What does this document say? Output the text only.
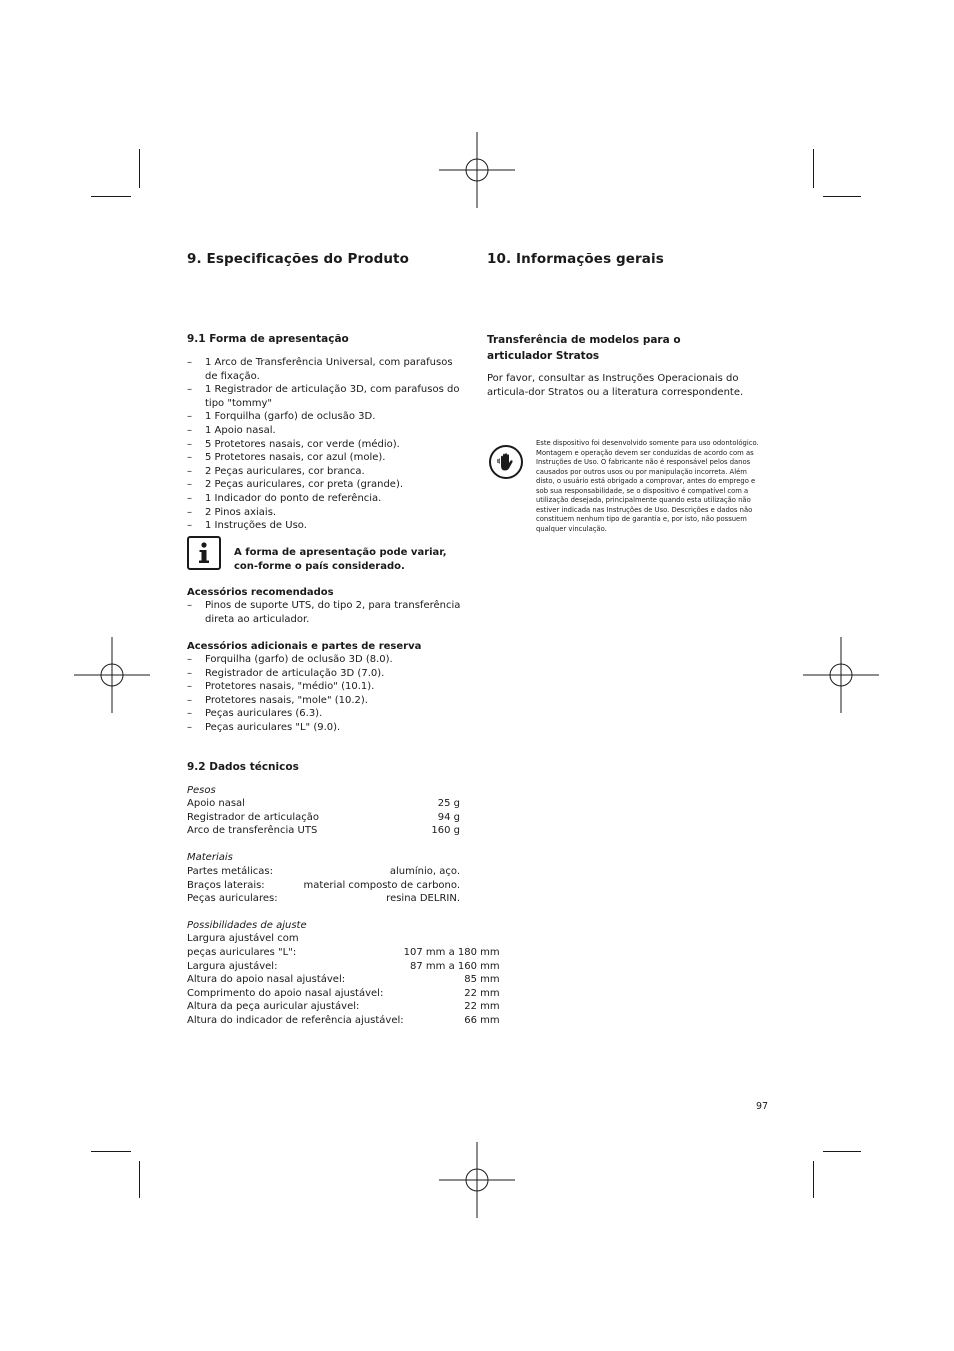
9. Especificações do Produto
9.1 Forma de apresentação
– 1 Arco de Transferência Universal, com parafusos de fixação.
– 1 Registrador de articulação 3D, com parafusos do tipo "tommy"
– 1 Forquilha (garfo) de oclusão 3D.
– 1 Apoio nasal.
– 5 Protetores nasais, cor verde (médio).
– 5 Protetores nasais, cor azul (mole).
– 2 Peças auriculares, cor branca.
– 2 Peças auriculares, cor preta (grande).
– 1 Indicador do ponto de referência.
– 2 Pinos axiais.
– 1 Instruções de Uso.
A forma de apresentação pode variar, con-forme o país considerado.
Acessórios recomendados
– Pinos de suporte UTS, do tipo 2, para transferência direta ao articulador.
Acessórios adicionais e partes de reserva
– Forquilha (garfo) de oclusão 3D (8.0).
– Registrador de articulação 3D (7.0).
– Protetores nasais, "médio" (10.1).
– Protetores nasais, "mole" (10.2).
– Peças auriculares (6.3).
– Peças auriculares "L" (9.0).
9.2 Dados técnicos
Pesos
Apoio nasal	25 g
Registrador de articulação	94 g
Arco de transferência UTS	160 g
Materiais
Partes metálicas:	alumínio, aço.
Braços laterais:	material composto de carbono.
Peças auriculares:	resina DELRIN.
Possibilidades de ajuste
Largura ajustável com
peças auriculares "L":	107 mm a 180 mm
Largura ajustável:	87 mm a 160 mm
Altura do apoio nasal ajustável:	85 mm
Comprimento do apoio nasal ajustável:	22 mm
Altura da peça auricular ajustável:	22 mm
Altura do indicador de referência ajustável:	66 mm
10. Informações gerais
Transferência de modelos para o articulador Stratos
Por favor, consultar as Instruções Operacionais do articula-dor Stratos ou a literatura correspondente.
Este dispositivo foi desenvolvido somente para uso odontológico. Montagem e operação devem ser conduzidas de acordo com as Instruções de Uso. O fabricante não é responsável pelos danos causados por outros usos ou por manipulação incorreta. Além disto, o usuário está obrigado a comprovar, antes do emprego e sob sua responsabilidade, se o dispositivo é compatível com a utilização desejada, principalmente quando esta utilização não estiver indicada nas Instruções de Uso. Descrições e dados não constituem nenhum tipo de garantia e, por isto, não possuem qualquer vinculação.
97
